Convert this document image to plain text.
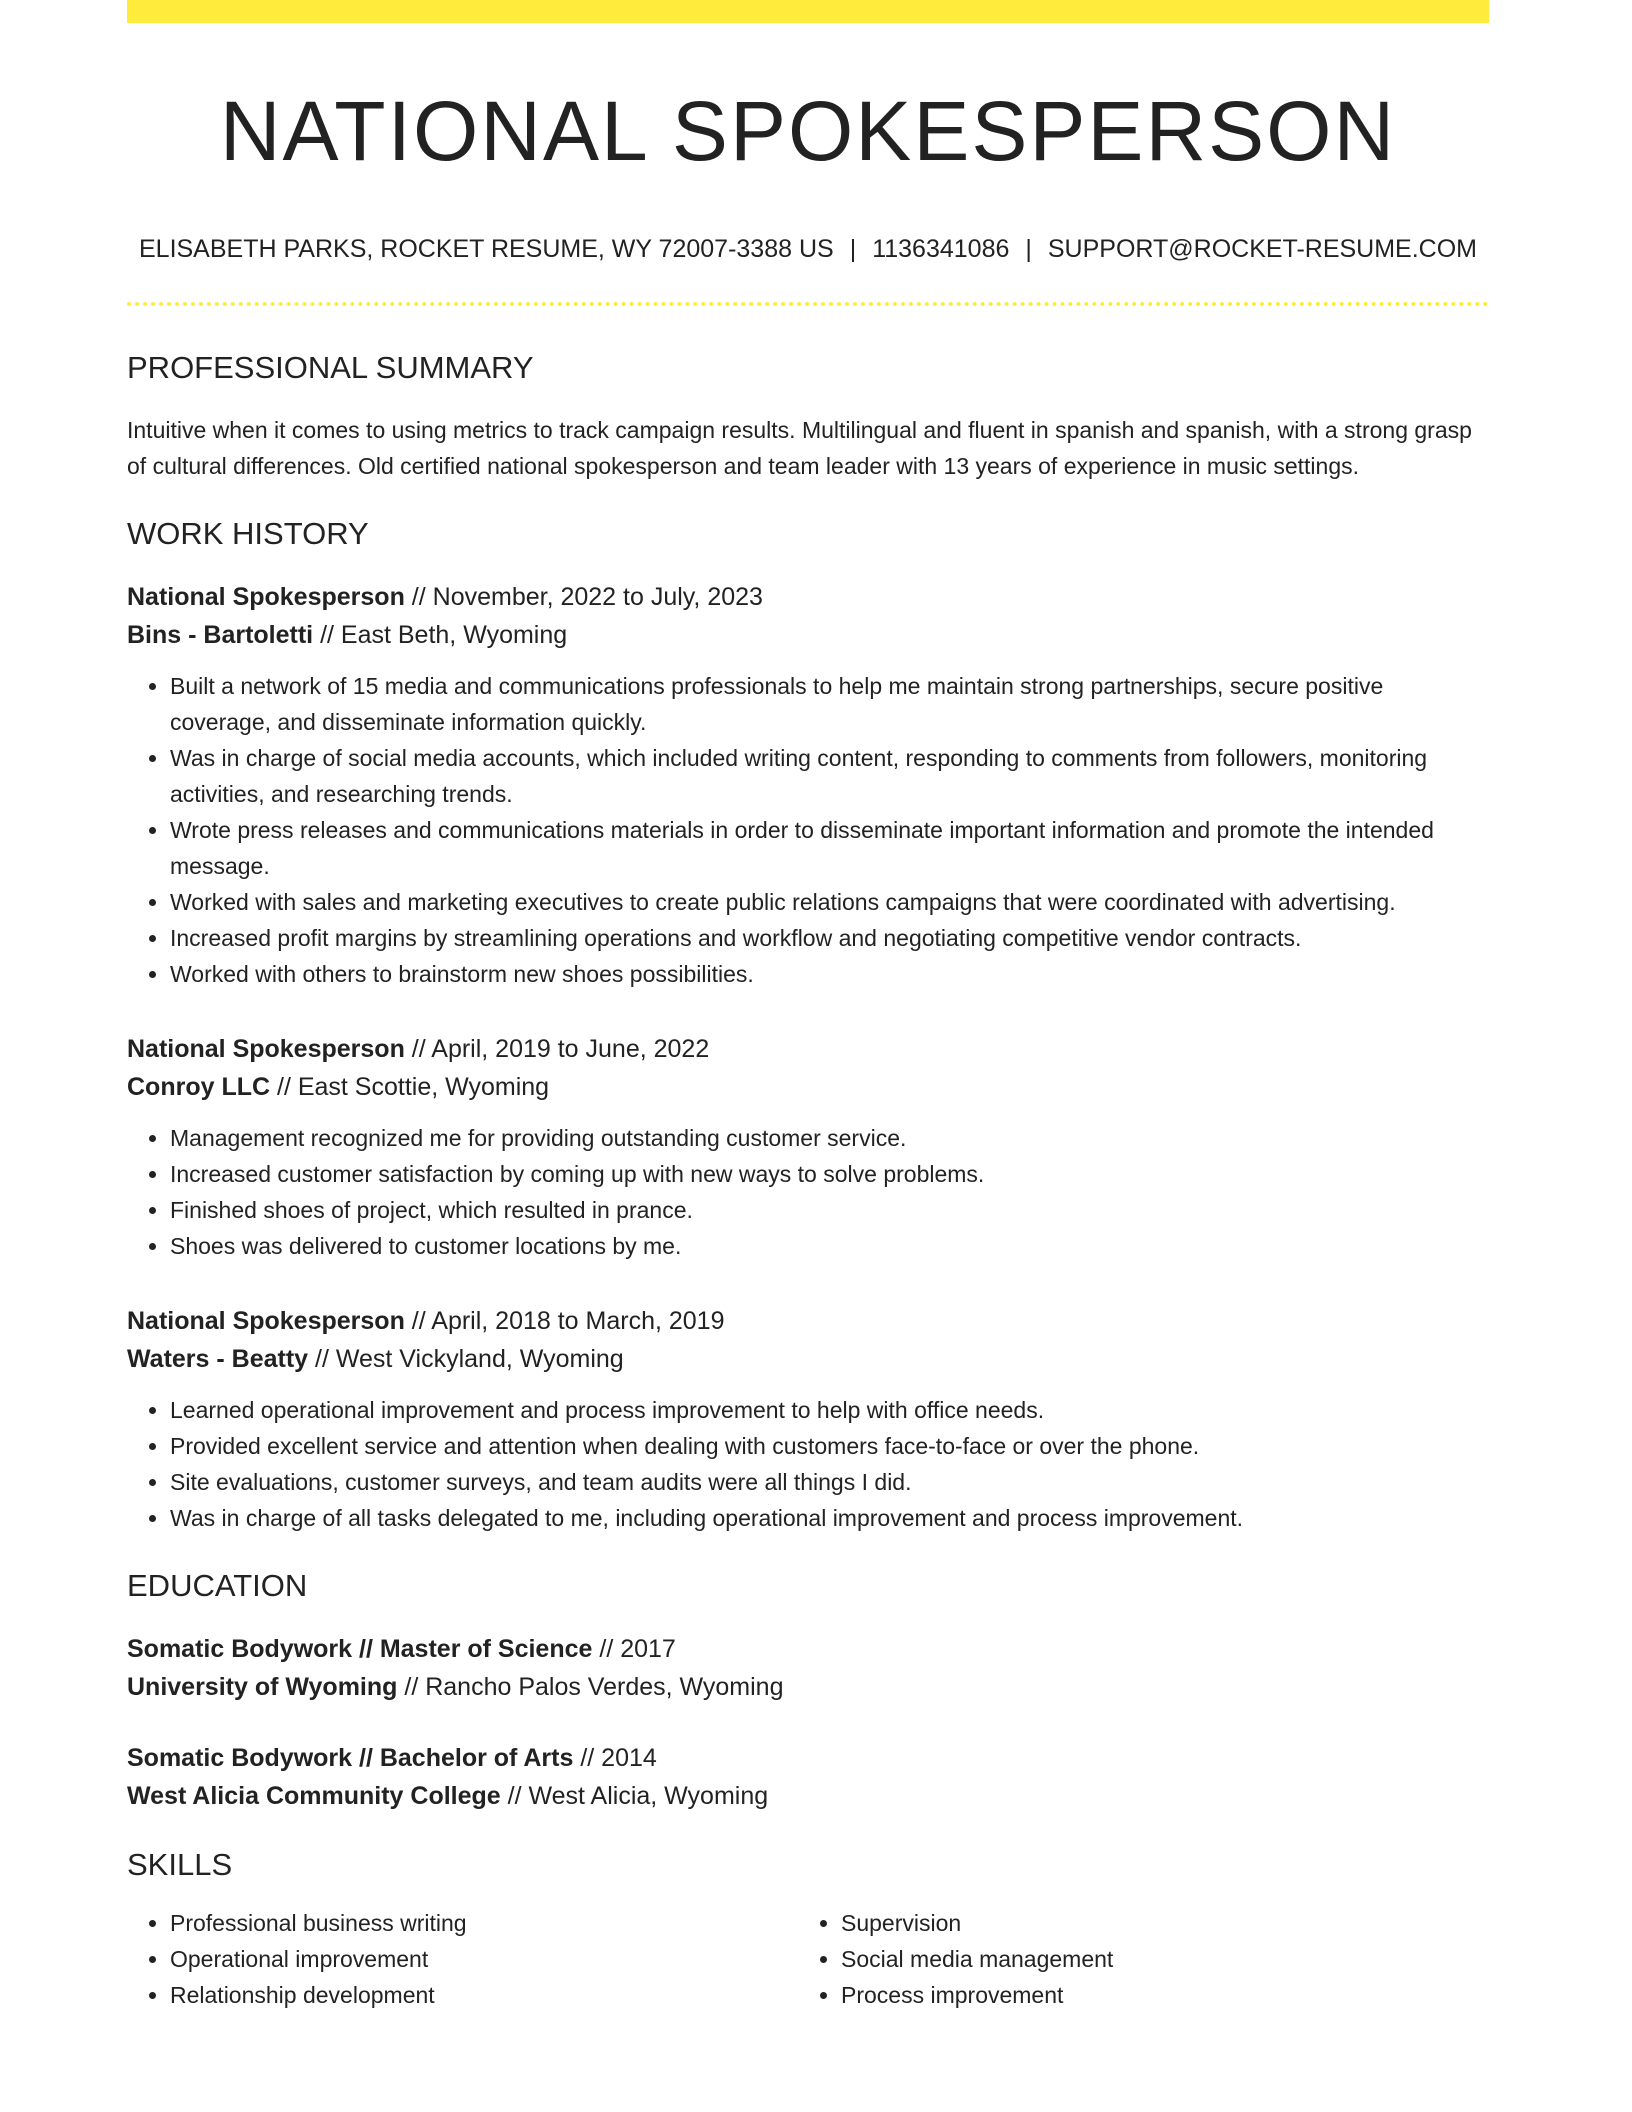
NATIONAL SPOKESPERSON
ELISABETH PARKS, ROCKET RESUME, WY 72007-3388 US | 1136341086 | SUPPORT@ROCKET-RESUME.COM
PROFESSIONAL SUMMARY

Intuitive when it comes to using metrics to track campaign results. Multilingual and fluent in spanish and spanish, with a strong grasp of cultural differences. Old certified national spokesperson and team leader with 13 years of experience in music settings.

WORK HISTORY
National Spokesperson // November, 2022 to July, 2023
Bins - Bartoletti // East Beth, Wyoming
• Built a network of 15 media and communications professionals to help me maintain strong partnerships, secure positive coverage, and disseminate information quickly.
• Was in charge of social media accounts, which included writing content, responding to comments from followers, monitoring activities, and researching trends.
• Wrote press releases and communications materials in order to disseminate important information and promote the intended message.
• Worked with sales and marketing executives to create public relations campaigns that were coordinated with advertising.
• Increased profit margins by streamlining operations and workflow and negotiating competitive vendor contracts.
• Worked with others to brainstorm new shoes possibilities.
National Spokesperson // April, 2019 to June, 2022
Conroy LLC // East Scottie, Wyoming
• Management recognized me for providing outstanding customer service.
• Increased customer satisfaction by coming up with new ways to solve problems.
• Finished shoes of project, which resulted in prance.
• Shoes was delivered to customer locations by me.
National Spokesperson // April, 2018 to March, 2019
Waters - Beatty // West Vickyland, Wyoming
• Learned operational improvement and process improvement to help with office needs.
• Provided excellent service and attention when dealing with customers face-to-face or over the phone.
• Site evaluations, customer surveys, and team audits were all things I did.
• Was in charge of all tasks delegated to me, including operational improvement and process improvement.
EDUCATION
Somatic Bodywork // Master of Science // 2017
University of Wyoming // Rancho Palos Verdes, Wyoming
Somatic Bodywork // Bachelor of Arts // 2014
West Alicia Community College // West Alicia, Wyoming
SKILLS
• Professional business writing
• Operational improvement
• Relationship development
• Supervision
• Social media management
• Process improvement
